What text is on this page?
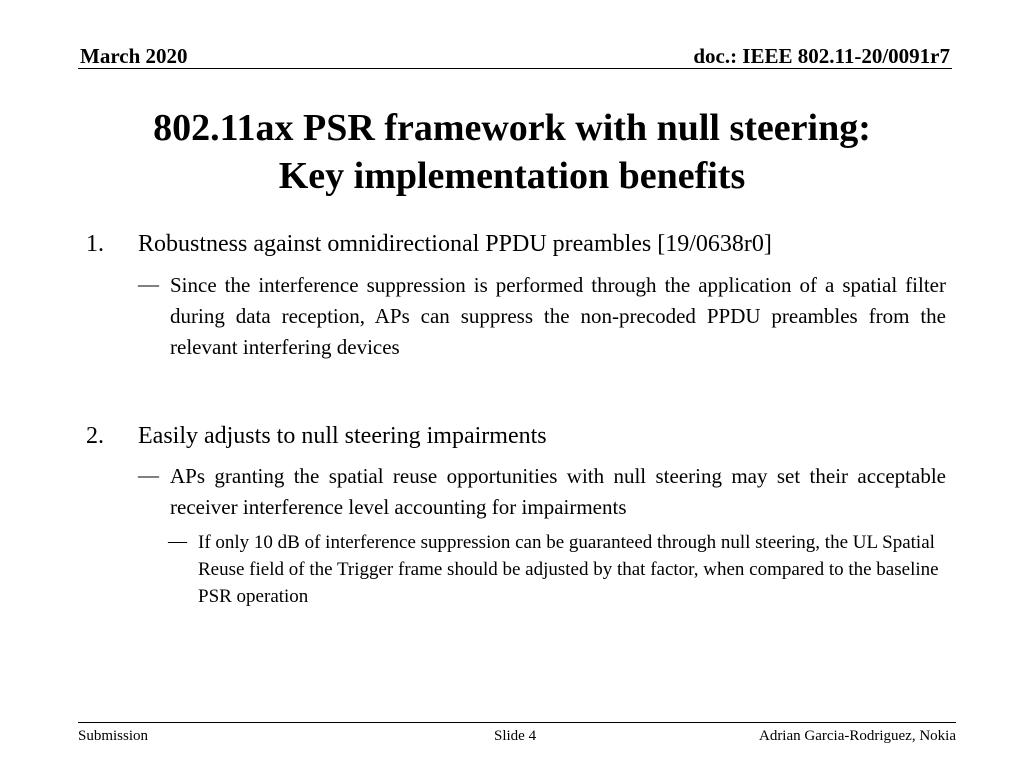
March 2020	doc.: IEEE 802.11-20/0091r7
802.11ax PSR framework with null steering:
Key implementation benefits
1. Robustness against omnidirectional PPDU preambles [19/0638r0]
— Since the interference suppression is performed through the application of a spatial filter during data reception, APs can suppress the non-precoded PPDU preambles from the relevant interfering devices
2. Easily adjusts to null steering impairments
— APs granting the spatial reuse opportunities with null steering may set their acceptable receiver interference level accounting for impairments
— If only 10 dB of interference suppression can be guaranteed through null steering, the UL Spatial Reuse field of the Trigger frame should be adjusted by that factor, when compared to the baseline PSR operation
Submission	Slide 4	Adrian Garcia-Rodriguez, Nokia
